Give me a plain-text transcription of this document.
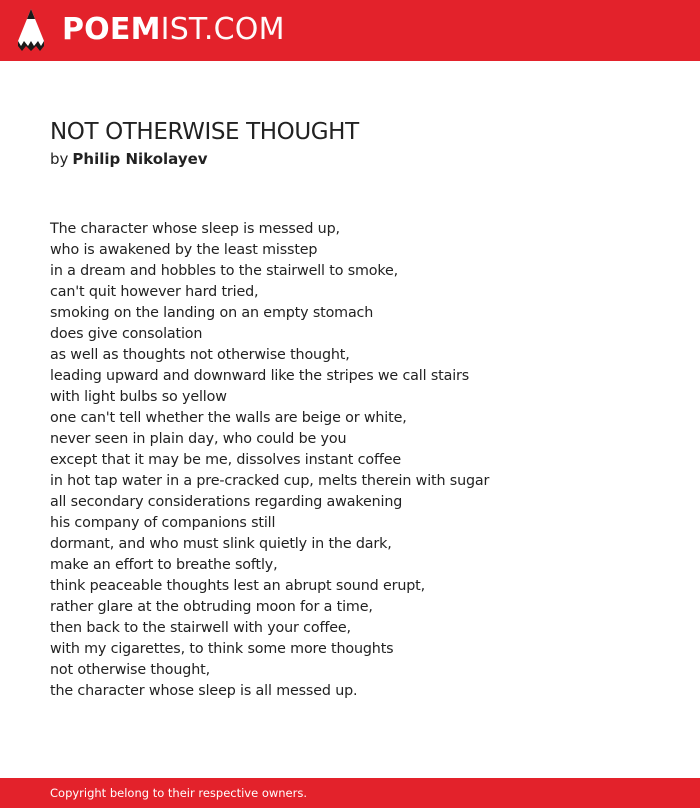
POEMIST.COM
NOT OTHERWISE THOUGHT
by Philip Nikolayev
The character whose sleep is messed up,
who is awakened by the least misstep
in a dream and hobbles to the stairwell to smoke,
can't quit however hard tried,
smoking on the landing on an empty stomach
does give consolation
as well as thoughts not otherwise thought,
leading upward and downward like the stripes we call stairs
with light bulbs so yellow
one can't tell whether the walls are beige or white,
never seen in plain day, who could be you
except that it may be me, dissolves instant coffee
in hot tap water in a pre-cracked cup, melts therein with sugar
all secondary considerations regarding awakening
his company of companions still
dormant, and who must slink quietly in the dark,
make an effort to breathe softly,
think peaceable thoughts lest an abrupt sound erupt,
rather glare at the obtruding moon for a time,
then back to the stairwell with your coffee,
with my cigarettes, to think some more thoughts
not otherwise thought,
the character whose sleep is all messed up.
Copyright belong to their respective owners.
